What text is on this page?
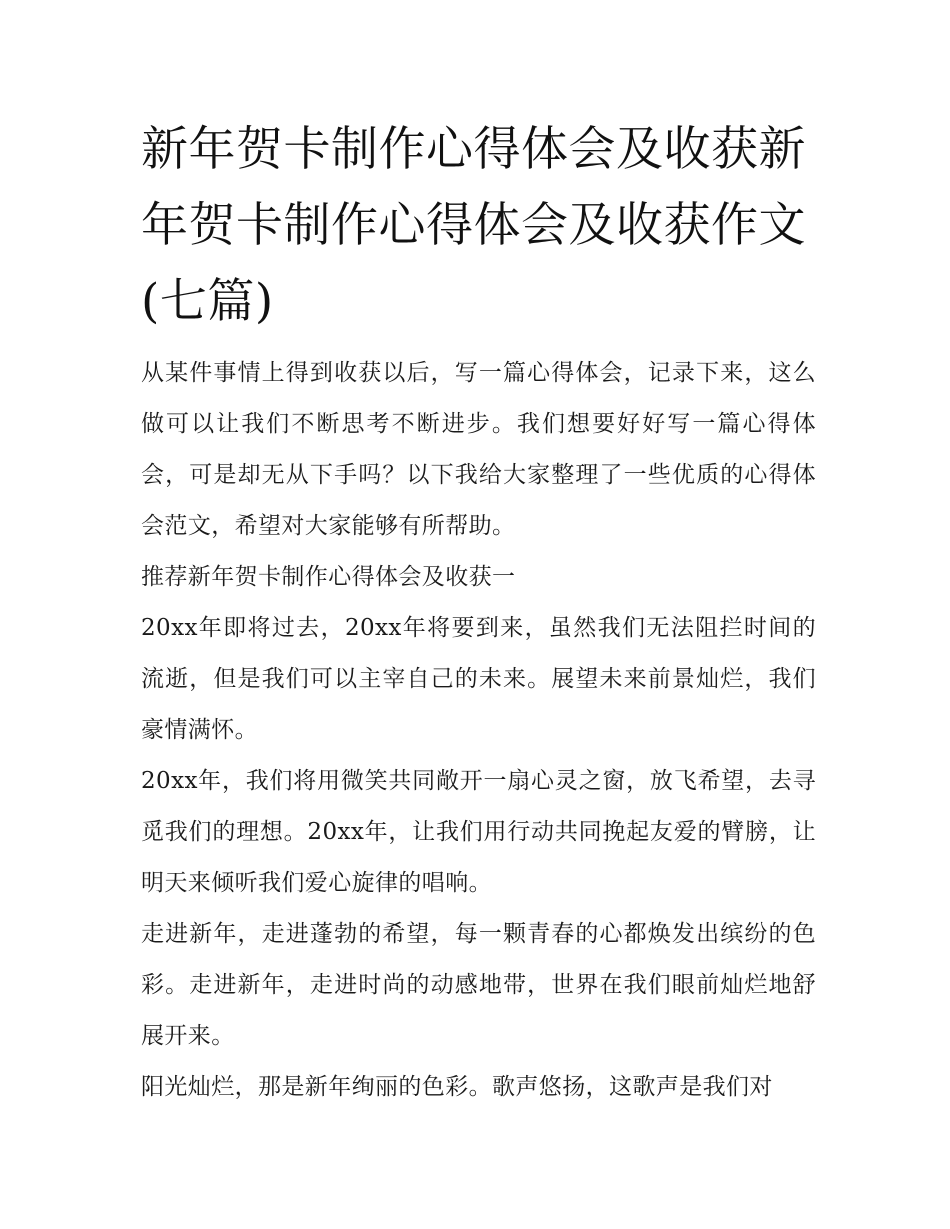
新年贺卡制作心得体会及收获新年贺卡制作心得体会及收获作文(七篇)

从某件事情上得到收获以后，写一篇心得体会，记录下来，这么做可以让我们不断思考不断进步。我们想要好好写一篇心得体会，可是却无从下手吗？以下我给大家整理了一些优质的心得体会范文，希望对大家能够有所帮助。

推荐新年贺卡制作心得体会及收获一

20xx年即将过去，20xx年将要到来，虽然我们无法阻拦时间的流逝，但是我们可以主宰自己的未来。展望未来前景灿烂，我们豪情满怀。

20xx年，我们将用微笑共同敞开一扇心灵之窗，放飞希望，去寻觅我们的理想。20xx年，让我们用行动共同挽起友爱的臂膀，让明天来倾听我们爱心旋律的唱响。

走进新年，走进蓬勃的希望，每一颗青春的心都焕发出缤纷的色彩。走进新年，走进时尚的动感地带，世界在我们眼前灿烂地舒展开来。

阳光灿烂，那是新年绚丽的色彩。歌声悠扬，这歌声是我们对
